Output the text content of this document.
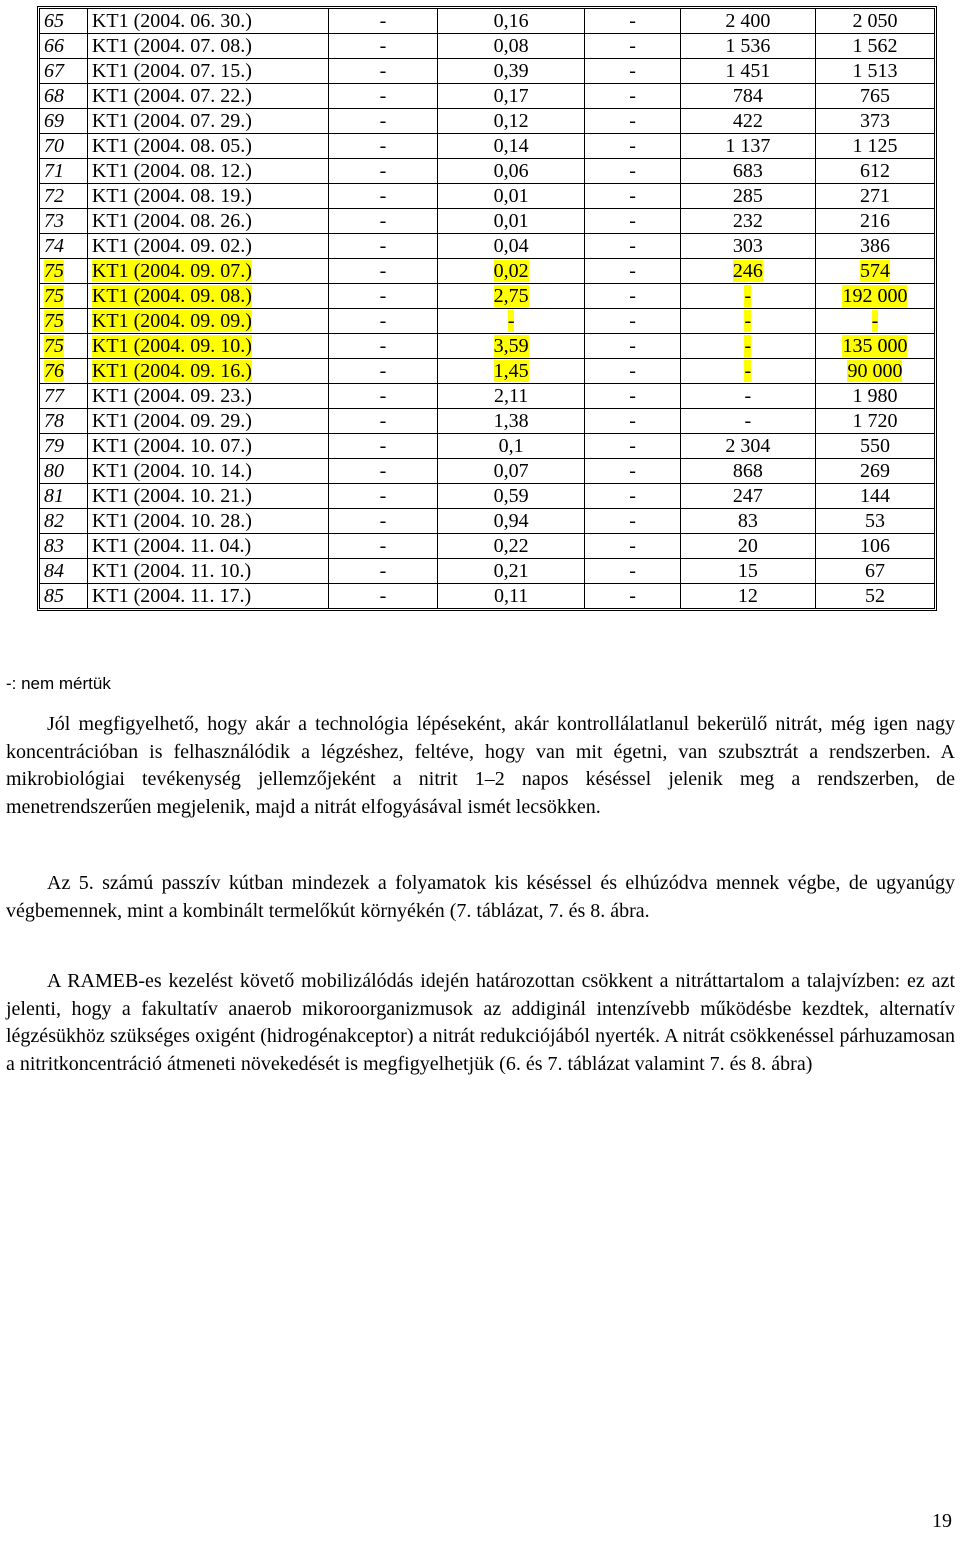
65	KT1 (2004. 06. 30.)	-	0,16	-	2 400	2 050
66	KT1 (2004. 07. 08.)	-	0,08	-	1 536	1 562
67	KT1 (2004. 07. 15.)	-	0,39	-	1 451	1 513
68	KT1 (2004. 07. 22.)	-	0,17	-	784	765
69	KT1 (2004. 07. 29.)	-	0,12	-	422	373
70	KT1 (2004. 08. 05.)	-	0,14	-	1 137	1 125
71	KT1 (2004. 08. 12.)	-	0,06	-	683	612
72	KT1 (2004. 08. 19.)	-	0,01	-	285	271
73	KT1 (2004. 08. 26.)	-	0,01	-	232	216
74	KT1 (2004. 09. 02.)	-	0,04	-	303	386
75	KT1 (2004. 09. 07.)	-	0,02	-	246	574
75	KT1 (2004. 09. 08.)	-	2,75	-	-	192 000
75	KT1 (2004. 09. 09.)	-	-	-	-	-
75	KT1 (2004. 09. 10.)	-	3,59	-	-	135 000
76	KT1 (2004. 09. 16.)	-	1,45	-	-	90 000
77	KT1 (2004. 09. 23.)	-	2,11	-	-	1 980
78	KT1 (2004. 09. 29.)	-	1,38	-	-	1 720
79	KT1 (2004. 10. 07.)	-	0,1	-	2 304	550
80	KT1 (2004. 10. 14.)	-	0,07	-	868	269
81	KT1 (2004. 10. 21.)	-	0,59	-	247	144
82	KT1 (2004. 10. 28.)	-	0,94	-	83	53
83	KT1 (2004. 11. 04.)	-	0,22	-	20	106
84	KT1 (2004. 11. 10.)	-	0,21	-	15	67
85	KT1 (2004. 11. 17.)	-	0,11	-	12	52
-: nem mértük

Jól megfigyelhető, hogy akár a technológia lépéseként, akár kontrollálatlanul bekerülő nitrát, még igen nagy koncentrációban is felhasználódik a légzéshez, feltéve, hogy van mit égetni, van szubsztrát a rendszerben. A mikrobiológiai tevékenység jellemzőjeként a nitrit 1–2 napos késéssel jelenik meg a rendszerben, de menetrendszerűen megjelenik, majd a nitrát elfogyásával ismét lecsökken.

Az 5. számú passzív kútban mindezek a folyamatok kis késéssel és elhúzódva mennek végbe, de ugyanúgy végbemennek, mint a kombinált termelőkút környékén (7. táblázat, 7. és 8. ábra.

A RAMEB-es kezelést követő mobilizálódás idején határozottan csökkent a nitráttartalom a talajvízben: ez azt jelenti, hogy a fakultatív anaerob mikoroorganizmusok az addiginál intenzívebb működésbe kezdtek, alternatív légzésükhöz szükséges oxigént (hidrogénakceptor) a nitrát redukciójából nyerték. A nitrát csökkenéssel párhuzamosan a nitritkoncentráció átmeneti növekedését is megfigyelhetjük (6. és 7. táblázat valamint 7. és 8. ábra)

19
